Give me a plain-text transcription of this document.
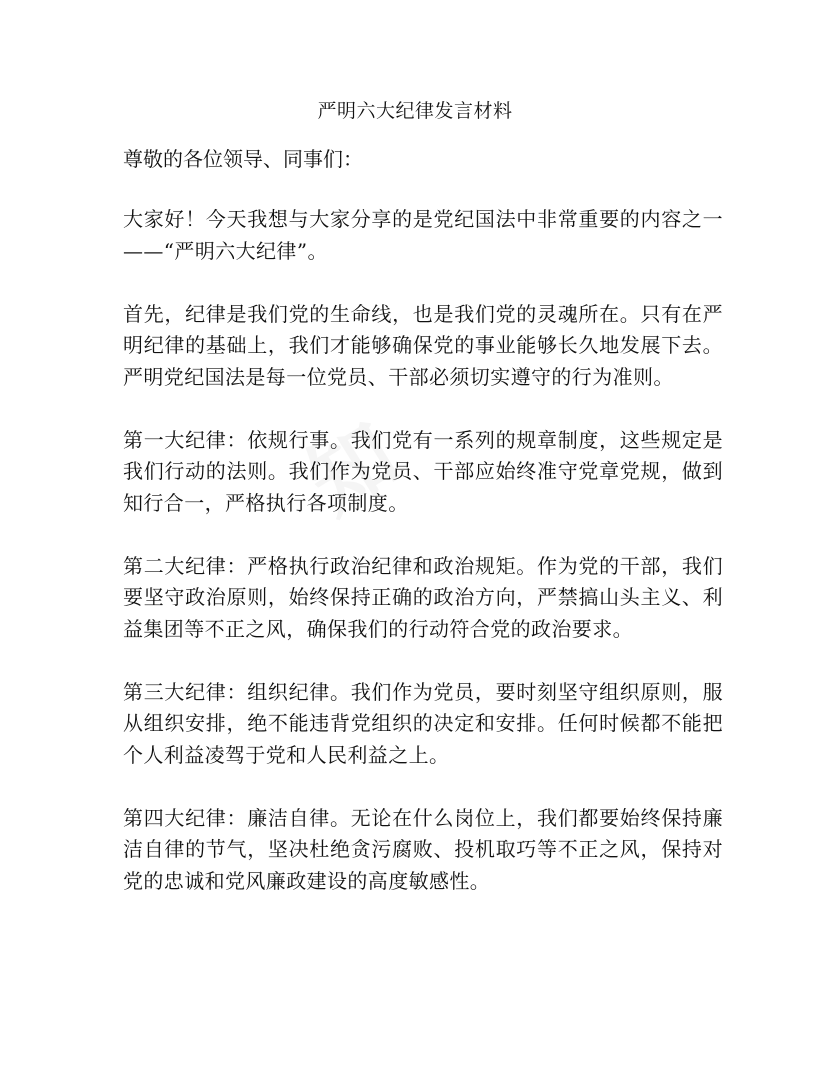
严明六大纪律发言材料
尊敬的各位领导、同事们：

大家好！今天我想与大家分享的是党纪国法中非常重要的内容之一——“严明六大纪律”。

首先，纪律是我们党的生命线，也是我们党的灵魂所在。只有在严明纪律的基础上，我们才能够确保党的事业能够长久地发展下去。严明党纪国法是每一位党员、干部必须切实遵守的行为准则。

第一大纪律：依规行事。我们党有一系列的规章制度，这些规定是我们行动的法则。我们作为党员、干部应始终准守党章党规，做到知行合一，严格执行各项制度。

第二大纪律：严格执行政治纪律和政治规矩。作为党的干部，我们要坚守政治原则，始终保持正确的政治方向，严禁搞山头主义、利益集团等不正之风，确保我们的行动符合党的政治要求。

第三大纪律：组织纪律。我们作为党员，要时刻坚守组织原则，服从组织安排，绝不能违背党组织的决定和安排。任何时候都不能把个人利益凌驾于党和人民利益之上。

第四大纪律：廉洁自律。无论在什么岗位上，我们都要始终保持廉洁自律的节气，坚决杜绝贪污腐败、投机取巧等不正之风，保持对党的忠诚和党风廉政建设的高度敏感性。
